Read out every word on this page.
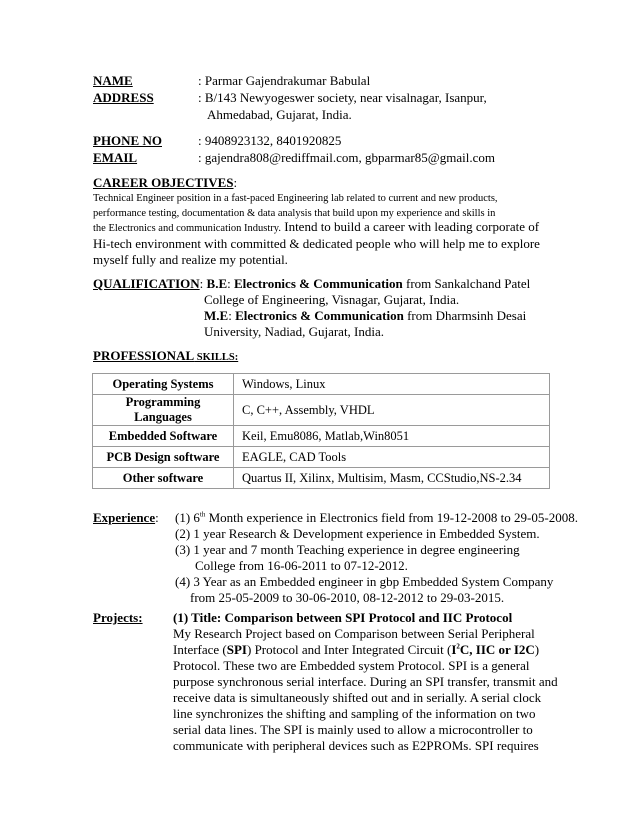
NAME	: Parmar Gajendrakumar Babulal
ADDRESS	: B/143 Newyogeswer society, near visalnagar, Isanpur,
Ahmedabad, Gujarat, India.
PHONE NO	: 9408923132, 8401920825
EMAIL	: gajendra808@rediffmail.com, gbparmar85@gmail.com
CAREER OBJECTIVES:
Technical Engineer position in a fast-paced Engineering lab related to current and new products,
performance testing, documentation & data analysis that build upon my experience and skills in
the Electronics and communication Industry. Intend to build a career with leading corporate of
Hi-tech environment with committed & dedicated people who will help me to explore
myself fully and realize my potential.
QUALIFICATION: B.E: Electronics & Communication from Sankalchand Patel
College of Engineering, Visnagar, Gujarat, India.
M.E: Electronics & Communication from Dharmsinh Desai
University, Nadiad, Gujarat, India.
PROFESSIONAL SKILLS:
Operating Systems	Windows, Linux
Programming Languages	C, C++, Assembly, VHDL
Embedded Software	Keil, Emu8086, Matlab,Win8051
PCB Design software	EAGLE, CAD Tools
Other software	Quartus II, Xilinx, Multisim, Masm, CCStudio,NS-2.34
Experience: (1) 6th Month experience in Electronics field from 19-12-2008 to 29-05-2008.
(2) 1 year Research & Development experience in Embedded System.
(3) 1 year and 7 month Teaching experience in degree engineering
College from 16-06-2011 to 07-12-2012.
(4) 3 Year as an Embedded engineer in gbp Embedded System Company
from 25-05-2009 to 30-06-2010, 08-12-2012 to 29-03-2015.
Projects: (1) Title: Comparison between SPI Protocol and IIC Protocol
My Research Project based on Comparison between Serial Peripheral
Interface (SPI) Protocol and Inter Integrated Circuit ($I^2C$, IIC or I2C)
Protocol. These two are Embedded system Protocol. SPI is a general
purpose synchronous serial interface. During an SPI transfer, transmit and
receive data is simultaneously shifted out and in serially. A serial clock
line synchronizes the shifting and sampling of the information on two
serial data lines. The SPI is mainly used to allow a microcontroller to
communicate with peripheral devices such as E2PROMs. SPI requires
